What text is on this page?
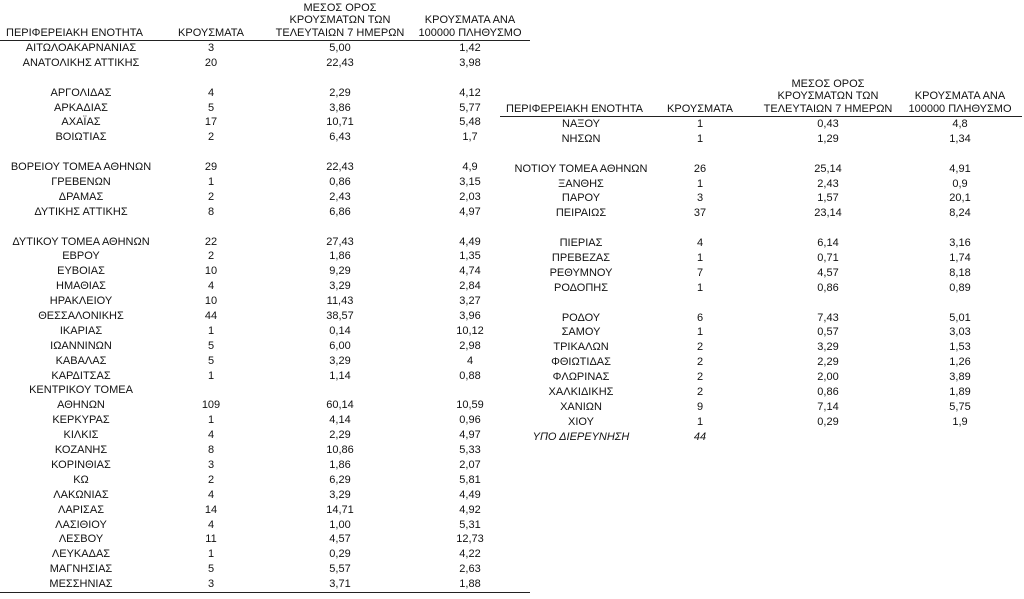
ΠΕΡΙΦΕΡΕΙΑΚΗ ΕΝΟΤΗΤΑ	ΚΡΟΥΣΜΑΤΑ
ΜΕΣΟΣ ΟΡΟΣ
ΚΡΟΥΣΜΑΤΩΝ ΤΩΝ
ΤΕΛΕΥΤΑΙΩΝ 7 ΗΜΕΡΩΝ
ΚΡΟΥΣΜΑΤΑ ΑΝΑ
100000 ΠΛΗΘΥΣΜΟ
ΑΙΤΩΛΟΑΚΑΡΝΑΝΙΑΣ	3	5,00	1,42
ΑΝΑΤΟΛΙΚΗΣ ΑΤΤΙΚΗΣ	20	22,43	3,98
ΑΡΓΟΛΙΔΑΣ	4	2,29	4,12
ΑΡΚΑΔΙΑΣ	5	3,86	5,77
ΑΧΑΪΑΣ	17	10,71	5,48
ΒΟΙΩΤΙΑΣ	2	6,43	1,7
ΒΟΡΕΙΟΥ ΤΟΜΕΑ ΑΘΗΝΩΝ	29	22,43	4,9
ΓΡΕΒΕΝΩΝ	1	0,86	3,15
ΔΡΑΜΑΣ	2	2,43	2,03
ΔΥΤΙΚΗΣ ΑΤΤΙΚΗΣ	8	6,86	4,97
ΔΥΤΙΚΟΥ ΤΟΜΕΑ ΑΘΗΝΩΝ	22	27,43	4,49
ΕΒΡΟΥ	2	1,86	1,35
ΕΥΒΟΙΑΣ	10	9,29	4,74
ΗΜΑΘΙΑΣ	4	3,29	2,84
ΗΡΑΚΛΕΙΟΥ	10	11,43	3,27
ΘΕΣΣΑΛΟΝΙΚΗΣ	44	38,57	3,96
ΙΚΑΡΙΑΣ	1	0,14	10,12
ΙΩΑΝΝΙΝΩΝ	5	6,00	2,98
ΚΑΒΑΛΑΣ	5	3,29	4
ΚΑΡΔΙΤΣΑΣ	1	1,14	0,88
ΚΕΝΤΡΙΚΟΥ ΤΟΜΕΑ
ΑΘΗΝΩΝ	109	60,14	10,59
ΚΕΡΚΥΡΑΣ	1	4,14	0,96
ΚΙΛΚΙΣ	4	2,29	4,97
ΚΟΖΑΝΗΣ	8	10,86	5,33
ΚΟΡΙΝΘΙΑΣ	3	1,86	2,07
ΚΩ	2	6,29	5,81
ΛΑΚΩΝΙΑΣ	4	3,29	4,49
ΛΑΡΙΣΑΣ	14	14,71	4,92
ΛΑΣΙΘΙΟΥ	4	1,00	5,31
ΛΕΣΒΟΥ	11	4,57	12,73
ΛΕΥΚΑΔΑΣ	1	0,29	4,22
ΜΑΓΝΗΣΙΑΣ	5	5,57	2,63
ΜΕΣΣΗΝΙΑΣ	3	3,71	1,88
ΠΕΡΙΦΕΡΕΙΑΚΗ ΕΝΟΤΗΤΑ ΚΡΟΥΣΜΑΤΑ
ΜΕΣΟΣ ΟΡΟΣ
ΚΡΟΥΣΜΑΤΩΝ ΤΩΝ
ΤΕΛΕΥΤΑΙΩΝ 7 ΗΜΕΡΩΝ
ΚΡΟΥΣΜΑΤΑ ΑΝΑ
100000 ΠΛΗΘΥΣΜΟ
ΝΑΞΟΥ	1	0,43	4,8
ΝΗΣΩΝ	1	1,29	1,34
ΝΟΤΙΟΥ ΤΟΜΕΑ ΑΘΗΝΩΝ	26	25,14	4,91
ΞΑΝΘΗΣ	1	2,43	0,9
ΠΑΡΟΥ	3	1,57	20,1
ΠΕΙΡΑΙΩΣ	37	23,14	8,24
ΠΙΕΡΙΑΣ	4	6,14	3,16
ΠΡΕΒΕΖΑΣ	1	0,71	1,74
ΡΕΘΥΜΝΟΥ	7	4,57	8,18
ΡΟΔΟΠΗΣ	1	0,86	0,89
ΡΟΔΟΥ	6	7,43	5,01
ΣΑΜΟΥ	1	0,57	3,03
ΤΡΙΚΑΛΩΝ	2	3,29	1,53
ΦΘΙΩΤΙΔΑΣ	2	2,29	1,26
ΦΛΩΡΙΝΑΣ	2	2,00	3,89
ΧΑΛΚΙΔΙΚΗΣ	2	0,86	1,89
ΧΑΝΙΩΝ	9	7,14	5,75
ΧΙΟΥ	1	0,29	1,9
ΥΠΟ ΔΙΕΡΕΥΝΗΣΗ	44
